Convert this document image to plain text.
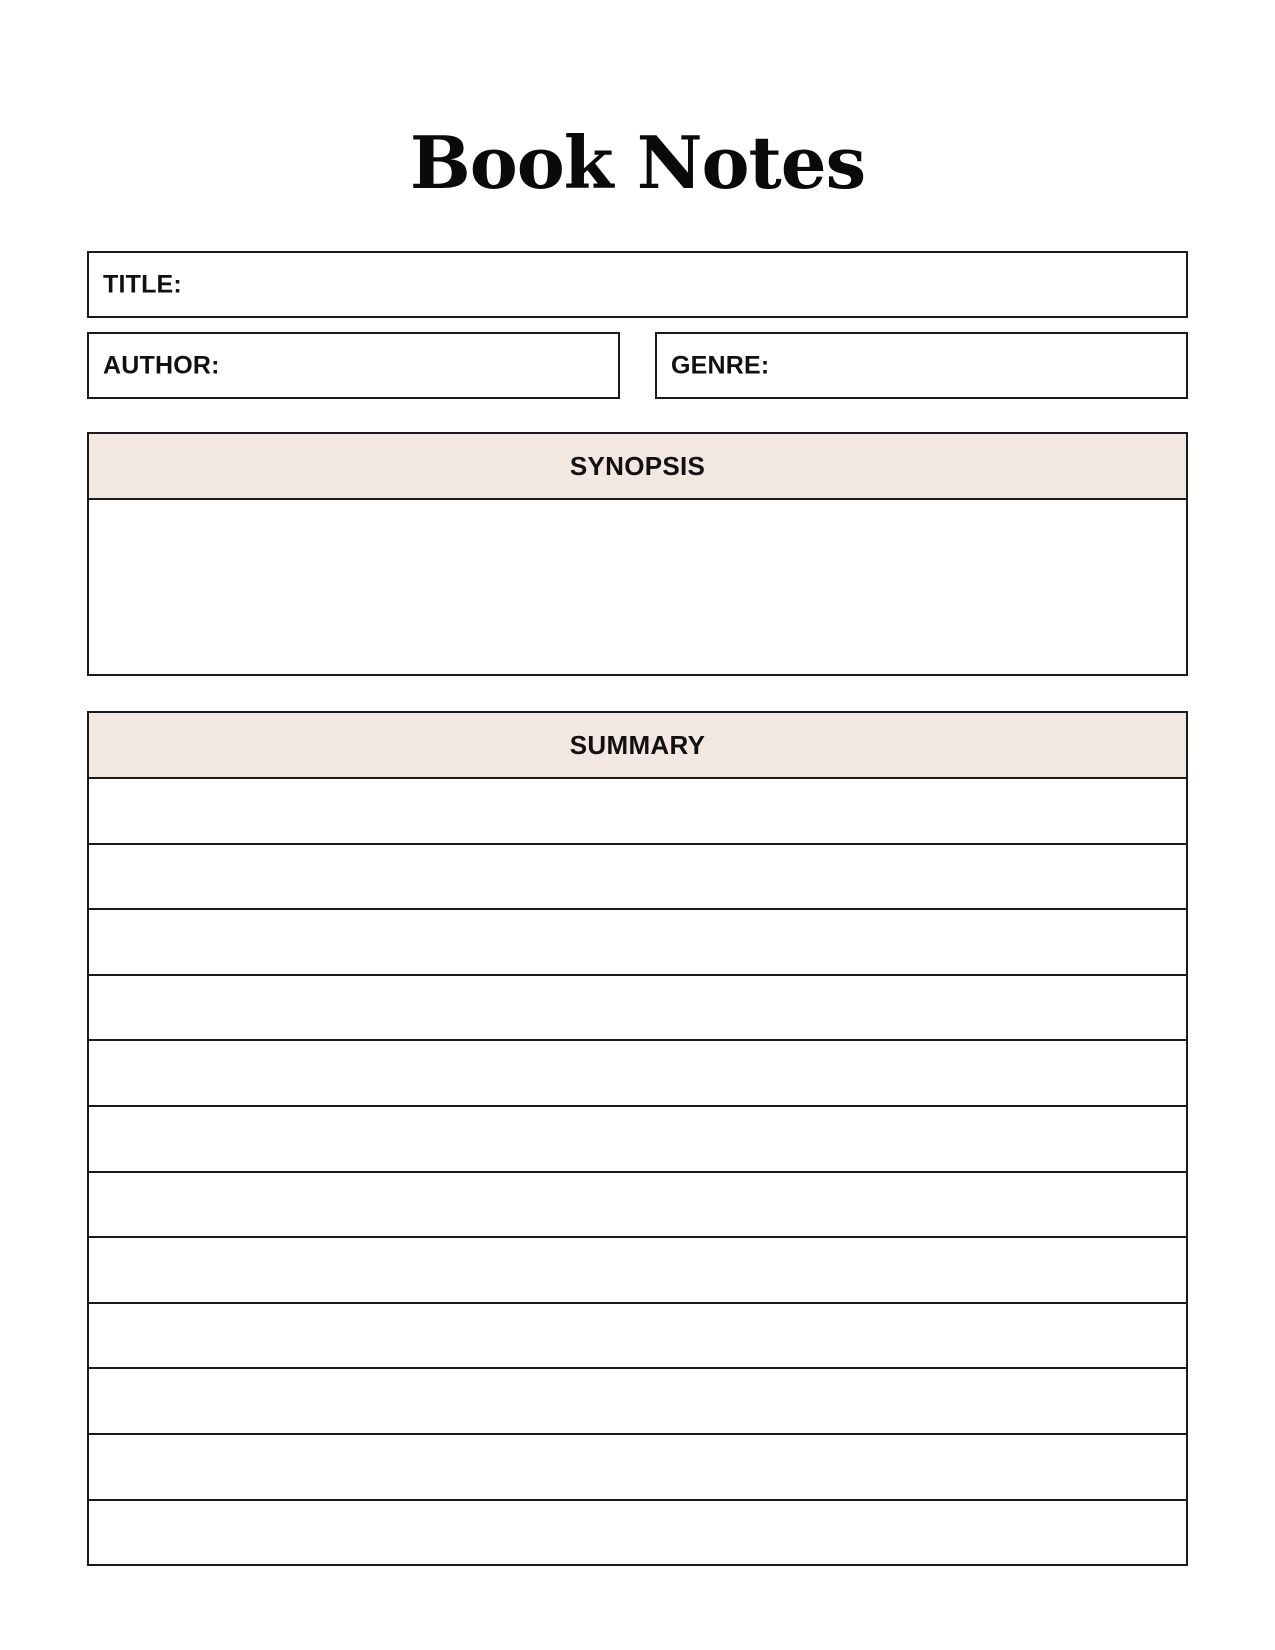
Book Notes
TITLE:
AUTHOR:	GENRE:
SYNOPSIS
SUMMARY
